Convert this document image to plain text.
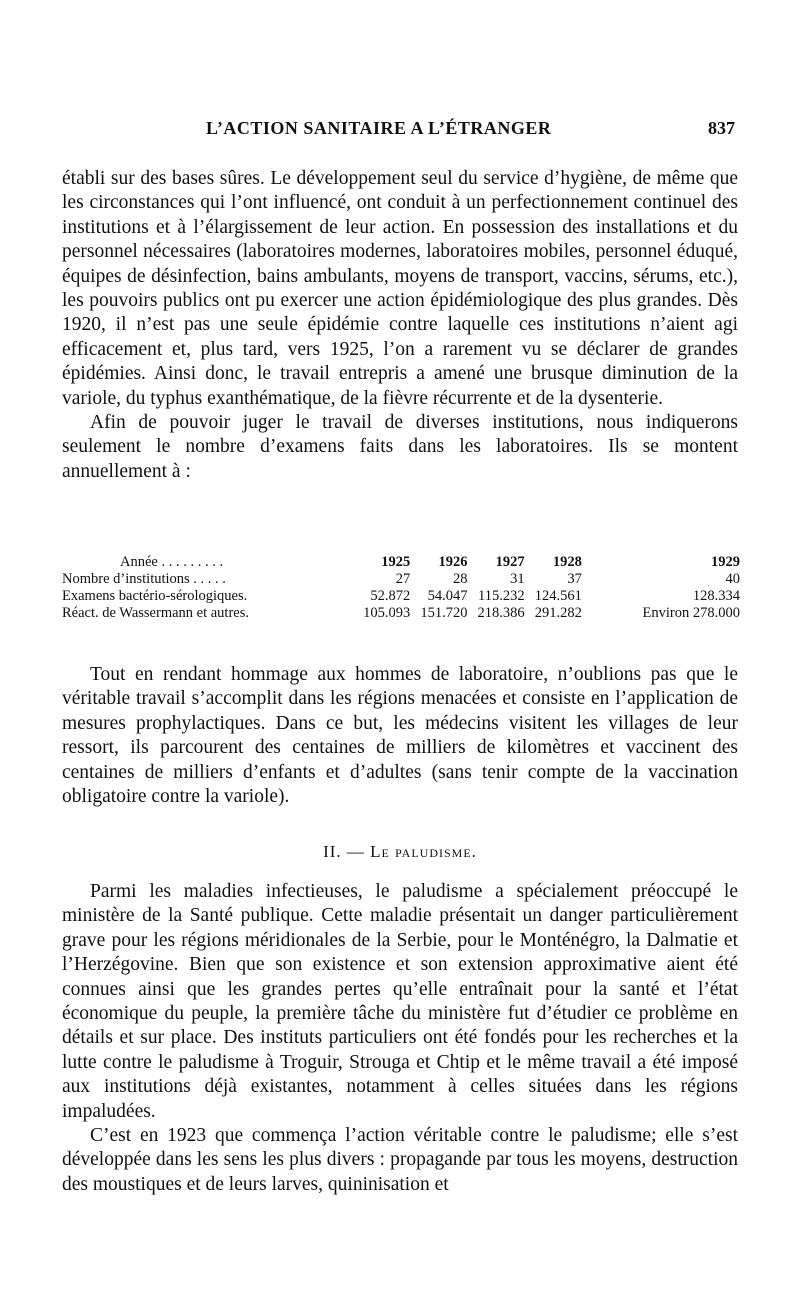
L’ACTION SANITAIRE A L’ÉTRANGER	837

établi sur des bases sûres. Le développement seul du service d’hygiène, de même que les circonstances qui l’ont influencé, ont conduit à un perfectionnement continuel des institutions et à l’élargissement de leur action. En possession des installations et du personnel nécessaires (laboratoires modernes, laboratoires mobiles, personnel éduqué, équipes de désinfection, bains ambulants, moyens de transport, vaccins, sérums, etc.), les pouvoirs publics ont pu exercer une action épidémiologique des plus grandes. Dès 1920, il n’est pas une seule épidémie contre laquelle ces institutions n’aient agi efficacement et, plus tard, vers 1925, l’on a rarement vu se déclarer de grandes épidémies. Ainsi donc, le travail entrepris a amené une brusque diminution de la variole, du typhus exanthématique, de la fièvre récurrente et de la dysenterie.

Afin de pouvoir juger le travail de diverses institutions, nous indiquerons seulement le nombre d’examens faits dans les laboratoires. Ils se montent annuellement à :

Année . . . . . . . . .	1925	1926	1927	1928	1929
Nombre d’institutions . . . . .	27	28	31	37	40
Examens bactério-sérologiques.	52.872	54.047	115.232	124.561	128.334
Réact. de Wassermann et autres.	105.093	151.720	218.386	291.282	Environ 278.000

Tout en rendant hommage aux hommes de laboratoire, n’oublions pas que le véritable travail s’accomplit dans les régions menacées et consiste en l’application de mesures prophylactiques. Dans ce but, les médecins visitent les villages de leur ressort, ils parcourent des centaines de milliers de kilomètres et vaccinent des centaines de milliers d’enfants et d’adultes (sans tenir compte de la vaccination obligatoire contre la variole).

II. — Le paludisme.

Parmi les maladies infectieuses, le paludisme a spécialement préoccupé le ministère de la Santé publique. Cette maladie présentait un danger particulièrement grave pour les régions méridionales de la Serbie, pour le Monténégro, la Dalmatie et l’Herzégovine. Bien que son existence et son extension approximative aient été connues ainsi que les grandes pertes qu’elle entraînait pour la santé et l’état économique du peuple, la première tâche du ministère fut d’étudier ce problème en détails et sur place. Des instituts particuliers ont été fondés pour les recherches et la lutte contre le paludisme à Troguir, Strouga et Chtip et le même travail a été imposé aux institutions déjà existantes, notamment à celles situées dans les régions impaludées.

C’est en 1923 que commença l’action véritable contre le paludisme; elle s’est développée dans les sens les plus divers : propagande par tous les moyens, destruction des moustiques et de leurs larves, quininisation et
